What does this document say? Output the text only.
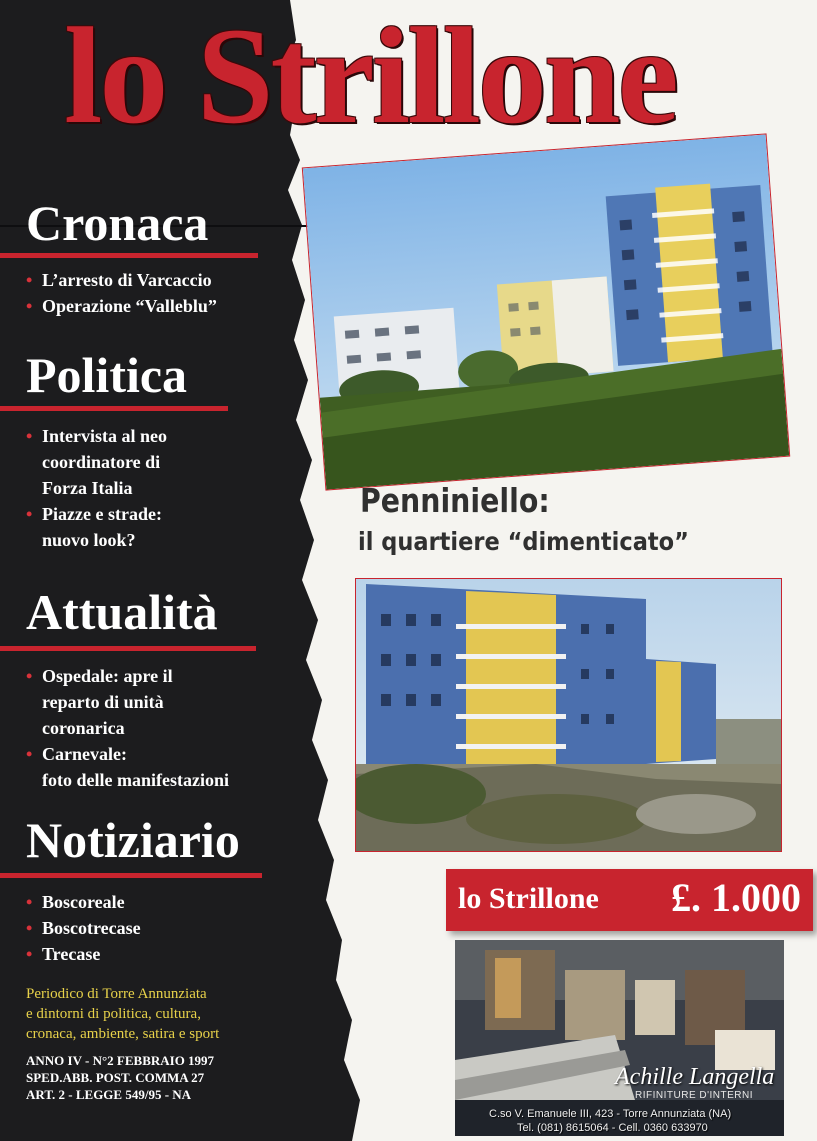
lo Strillone
Cronaca
• L’arresto di Varcaccio
• Operazione “Valleblu”
Politica
• Intervista al neo
coordinatore di
Forza Italia
• Piazze e strade:
nuovo look?
Attualità
• Ospedale: apre il
reparto di unità
coronarica
• Carnevale:
foto delle manifestazioni
Notiziario
• Boscoreale
• Boscotrecase
• Trecase
Periodico di Torre Annunziata
e dintorni di politica, cultura,
cronaca, ambiente, satira e sport
ANNO IV - N°2 FEBBRAIO 1997
SPED.ABB. POST. COMMA 27
ART. 2 - LEGGE 549/95 - NA
Penniniello:
il quartiere “dimenticato”
lo Strillone £. 1.000
Achille Langella
RIFINITURE D'INTERNI
C.so V. Emanuele III, 423 - Torre Annunziata (NA)
Tel. (081) 8615064 - Cell. 0360 633970
